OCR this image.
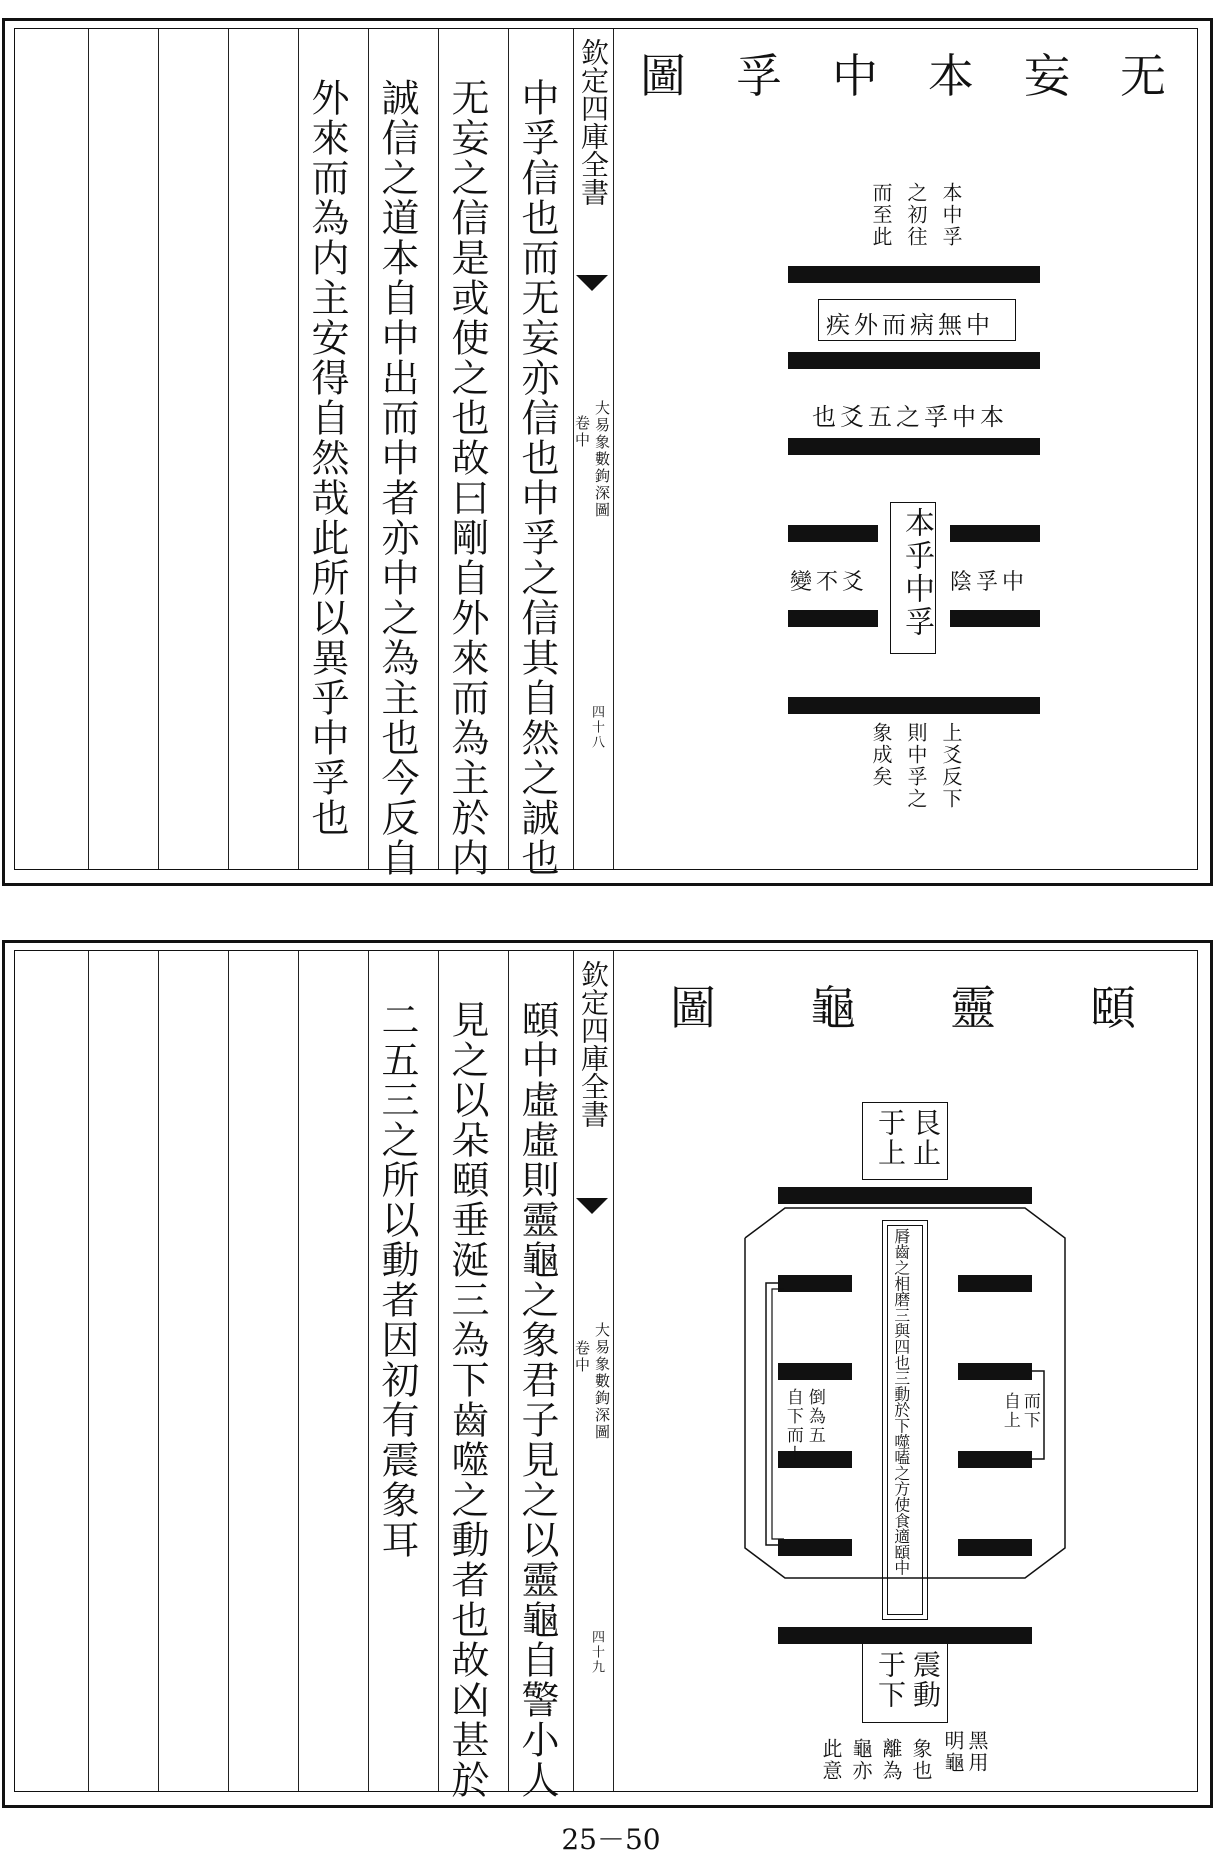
欽定四庫全書
大易象數鉤深圖
卷中
四十八
中孚信也而无妄亦信也中孚之信其自然之誠也
无妄之信是或使之也故曰剛自外來而為主於内
誠信之道本自中出而中者亦中之為主也今反自
外來而為内主安得自然哉此所以異乎中孚也
无
妄
本
中
孚
圖
本中孚
之初往
而至此
中無病而外疾
本中孚之五爻也
本乎中孚 中孚陰
爻不變
上爻反下
則中孚之
象成矣
欽定四庫全書
大易象數鉤深圖
卷中
四十九
頤中虛虛則靈龜之象君子見之以靈龜自警小人
見之以朵頤垂涎三為下齒噬之動者也故凶甚於
二五三之所以動者因初有震象耳	頤
靈
龜
圖
艮止
于上
脣齒之相磨三與四也三動於下噬嗑之方使食適頤中
倒為五
自下而上	而下
自上
震動
于下
黑用
明龜
象也
離為
龜亦
此意
25－50
